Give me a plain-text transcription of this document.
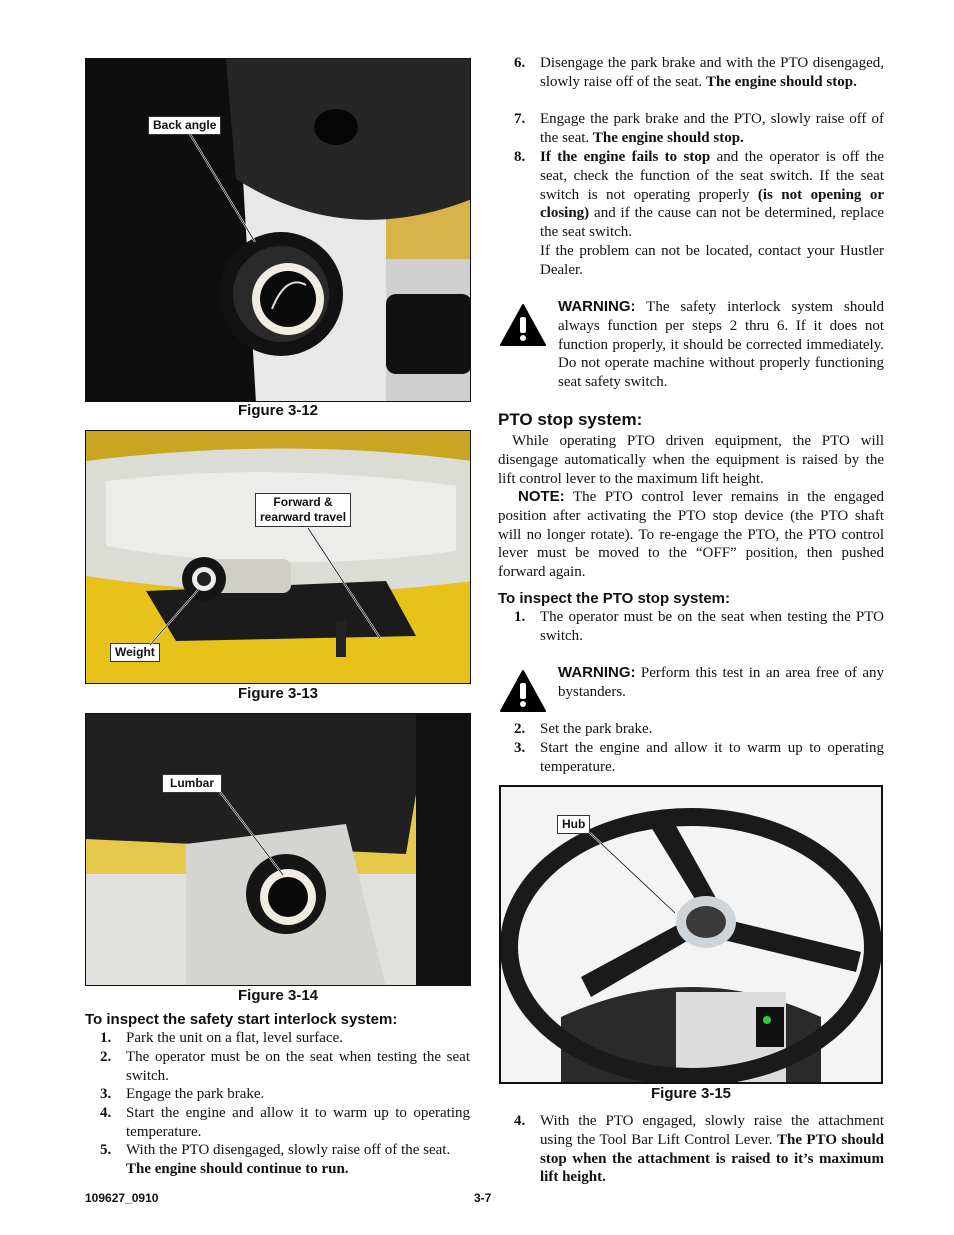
Back angle
Figure 3-12
Forward &
rearward travel
Weight
Figure 3-13
Lumbar
Figure 3-14
To inspect the safety start interlock system:
1. Park the unit on a flat, level surface.
2. The operator must be on the seat when testing the seat switch.
3. Engage the park brake.
4. Start the engine and allow it to warm up to operating temperature.
5. With the PTO disengaged, slowly raise off of the seat.
The engine should continue to run.
6. Disengage the park brake and with the PTO disengaged, slowly raise off of the seat. The engine should stop.
7. Engage the park brake and the PTO, slowly raise off of the seat. The engine should stop.
8. If the engine fails to stop and the operator is off the seat, check the function of the seat switch. If the seat switch is not operating properly (is not opening or closing) and if the cause can not be determined, replace the seat switch.
If the problem can not be located, contact your Hustler Dealer.
WARNING: The safety interlock system should always function per steps 2 thru 6. If it does not function properly, it should be corrected immediately. Do not operate machine without properly functioning seat safety switch.
PTO stop system:
While operating PTO driven equipment, the PTO will disengage automatically when the equipment is raised by the lift control lever to the maximum lift height.
NOTE: The PTO control lever remains in the engaged position after activating the PTO stop device (the PTO shaft will no longer rotate). To re-engage the PTO, the PTO control lever must be moved to the “OFF” position, then pushed forward again.
To inspect the PTO stop system:
1. The operator must be on the seat when testing the PTO switch.
WARNING: Perform this test in an area free of any bystanders.
2. Set the park brake.
3. Start the engine and allow it to warm up to operating temperature.
Hub
Figure 3-15
4. With the PTO engaged, slowly raise the attachment using the Tool Bar Lift Control Lever. The PTO should stop when the attachment is raised to it’s maximum lift height.
109627_0910	3-7
